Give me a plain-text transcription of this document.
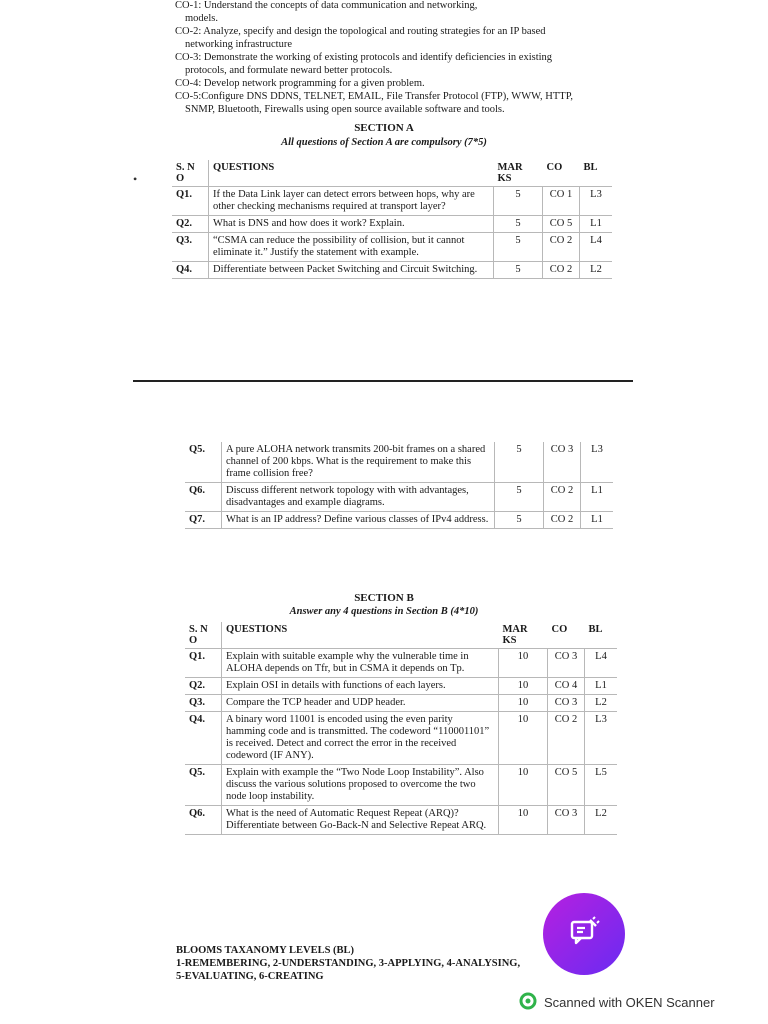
CO-1: Understand the concepts of data communication and networking,
models.
CO-2: Analyze, specify and design the topological and routing strategies for an IP based
networking infrastructure
CO-3: Demonstrate the working of existing protocols and identify deficiencies in existing
protocols, and formulate neward better protocols.
CO-4: Develop network programming for a given problem.
CO-5:Configure DNS DDNS, TELNET, EMAIL, File Transfer Protocol (FTP), WWW, HTTP,
SNMP, Bluetooth, Firewalls using open source available software and tools.
SECTION A
All questions of Section A are compulsory (7*5)
•
S. N O	QUESTIONS	MAR KS	CO	BL
Q1.	If the Data Link layer can detect errors between hops, why are other checking mechanisms required at transport layer?	5	CO 1	L3
Q2.	What is DNS and how does it work? Explain.	5	CO 5	L1
Q3.	“CSMA can reduce the possibility of collision, but it cannot eliminate it.” Justify the statement with example.	5	CO 2	L4
Q4.	Differentiate between Packet Switching and Circuit Switching.	5	CO 2	L2
Q5.	A pure ALOHA network transmits 200-bit frames on a shared channel of 200 kbps. What is the requirement to make this frame collision free?	5	CO 3	L3
Q6.	Discuss different network topology with with advantages, disadvantages and example diagrams.	5	CO 2	L1
Q7.	What is an IP address? Define various classes of IPv4 address.	5	CO 2	L1
SECTION B
Answer any 4 questions in Section B (4*10)
S. N O	QUESTIONS	MAR KS	CO	BL
Q1.	Explain with suitable example why the vulnerable time in ALOHA depends on Tfr, but in CSMA it depends on Tp.	10	CO 3	L4
Q2.	Explain OSI in details with functions of each layers.	10	CO 4	L1
Q3.	Compare the TCP header and UDP header.	10	CO 3	L2
Q4.	A binary word 11001 is encoded using the even parity hamming code and is transmitted. The codeword “110001101” is received. Detect and correct the error in the received codeword (IF ANY).	10	CO 2	L3
Q5.	Explain with example the “Two Node Loop Instability”. Also discuss the various solutions proposed to overcome the two node loop instability.	10	CO 5	L5
Q6.	What is the need of Automatic Request Repeat (ARQ)? Differentiate between Go-Back-N and Selective Repeat ARQ.	10	CO 3	L2
BLOOMS TAXANOMY LEVELS (BL)
1-REMEMBERING, 2-UNDERSTANDING, 3-APPLYING, 4-ANALYSING,
5-EVALUATING, 6-CREATING
Scanned with OKEN Scanner
